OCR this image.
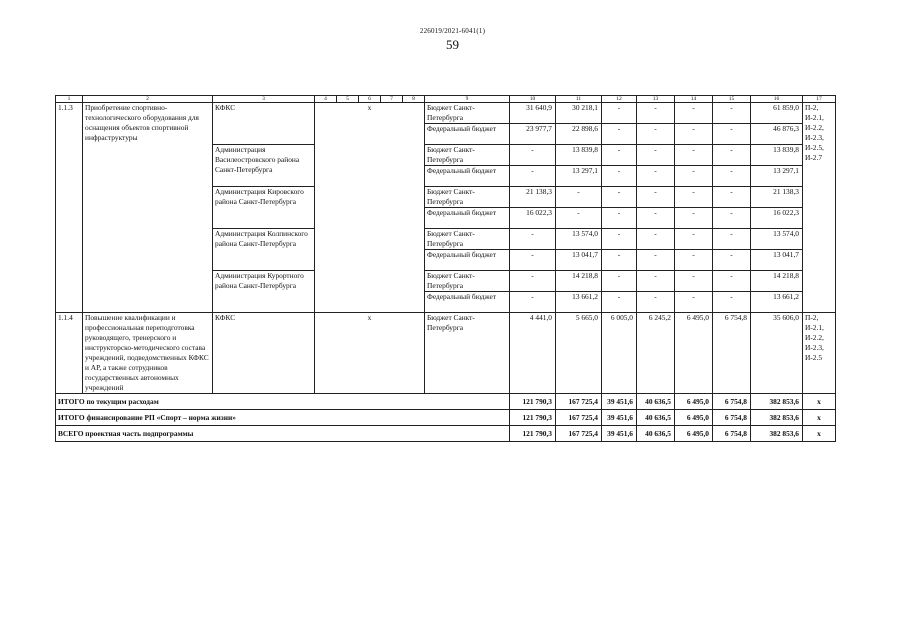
226019/2021-6041(1)
59
1	2	3	4	5	6	7	8	9	10	11	12	13	14	15	16	17
1.1.3	Приобретение спортивно-технологического оборудования для оснащения объектов спортивной инфраструктуры	КФКС	х					Бюджет Санкт-Петербурга	31 640,9	30 218,1	-	-	-	-	61 859,0	П-2, И-2.1, И-2.2, И-2.3, И-2.5, И-2.7
								Федеральный бюджет	23 977,7	22 898,6	-	-	-	-	46 876,3	
		Администрация Василеостровского района Санкт-Петербурга						Бюджет Санкт-Петербурга	-	13 839,8	-	-	-	-	13 839,8	
								Федеральный бюджет	-	13 297,1	-	-	-	-	13 297,1	
		Администрация Кировского района Санкт-Петербурга						Бюджет Санкт-Петербурга	21 138,3	-	-	-	-	-	21 138,3	
								Федеральный бюджет	16 022,3	-	-	-	-	-	16 022,3	
		Администрация Колпинского района Санкт-Петербурга						Бюджет Санкт-Петербурга	-	13 574,0	-	-	-	-	13 574,0	
								Федеральный бюджет	-	13 041,7	-	-	-	-	13 041,7	
		Администрация Курортного района Санкт-Петербурга						Бюджет Санкт-Петербурга	-	14 218,8	-	-	-	-	14 218,8	
								Федеральный бюджет	-	13 661,2	-	-	-	-	13 661,2	
1.1.4	Повышение квалификации и профессиональная переподготовка руководящего, тренерского и инструкторско-методического состава учреждений, подведомственных КФКС и АР, а также сотрудников государственных автономных учреждений	КФКС	х					Бюджет Санкт-Петербурга	4 441,0	5 665,0	6 005,0	6 245,2	6 495,0	6 754,8	35 606,0	П-2, И-2.1, И-2.2, И-2.3, И-2.5
ИТОГО по текущим расходам									121 790,3	167 725,4	39 451,6	40 636,5	6 495,0	6 754,8	382 853,6	х
ИТОГО финансирование РП «Спорт – норма жизни»									121 790,3	167 725,4	39 451,6	40 636,5	6 495,0	6 754,8	382 853,6	х
ВСЕГО проектная часть подпрограммы									121 790,3	167 725,4	39 451,6	40 636,5	6 495,0	6 754,8	382 853,6	х
